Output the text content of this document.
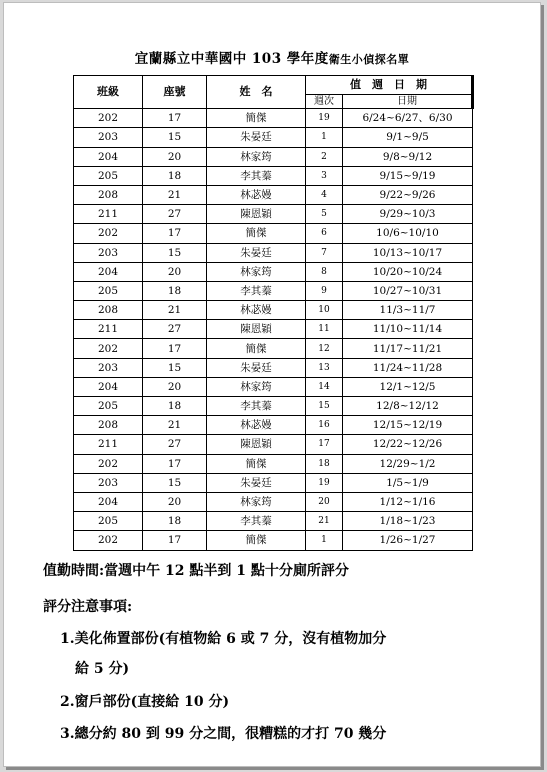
宜蘭縣立中華國中 103 學年度衛生小偵探名單
班級	座號	姓　名	值　週　日　期	
			週次	日期
202	17	簡傑	19	6/24~6/27、6/30
203	15	朱晏廷	1	9/1~9/5
204	20	林家筠	2	9/8~9/12
205	18	李其蓁	3	9/15~9/19
208	21	林苾嫚	4	9/22~9/26
211	27	陳恩穎	5	9/29~10/3
202	17	簡傑	6	10/6~10/10
203	15	朱晏廷	7	10/13~10/17
204	20	林家筠	8	10/20~10/24
205	18	李其蓁	9	10/27~10/31
208	21	林苾嫚	10	11/3~11/7
211	27	陳恩穎	11	11/10~11/14
202	17	簡傑	12	11/17~11/21
203	15	朱晏廷	13	11/24~11/28
204	20	林家筠	14	12/1~12/5
205	18	李其蓁	15	12/8~12/12
208	21	林苾嫚	16	12/15~12/19
211	27	陳恩穎	17	12/22~12/26
202	17	簡傑	18	12/29~1/2
203	15	朱晏廷	19	1/5~1/9
204	20	林家筠	20	1/12~1/16
205	18	李其蓁	21	1/18~1/23
202	17	簡傑	1	1/26~1/27
值勤時間:當週中午 12 點半到 1 點十分廁所評分
評分注意事項:
1.美化佈置部份(有植物給 6 或 7 分，沒有植物加分
給 5 分)
2.窗戶部份(直接給 10 分)
3.總分約 80 到 99 分之間，很糟糕的才打 70 幾分
